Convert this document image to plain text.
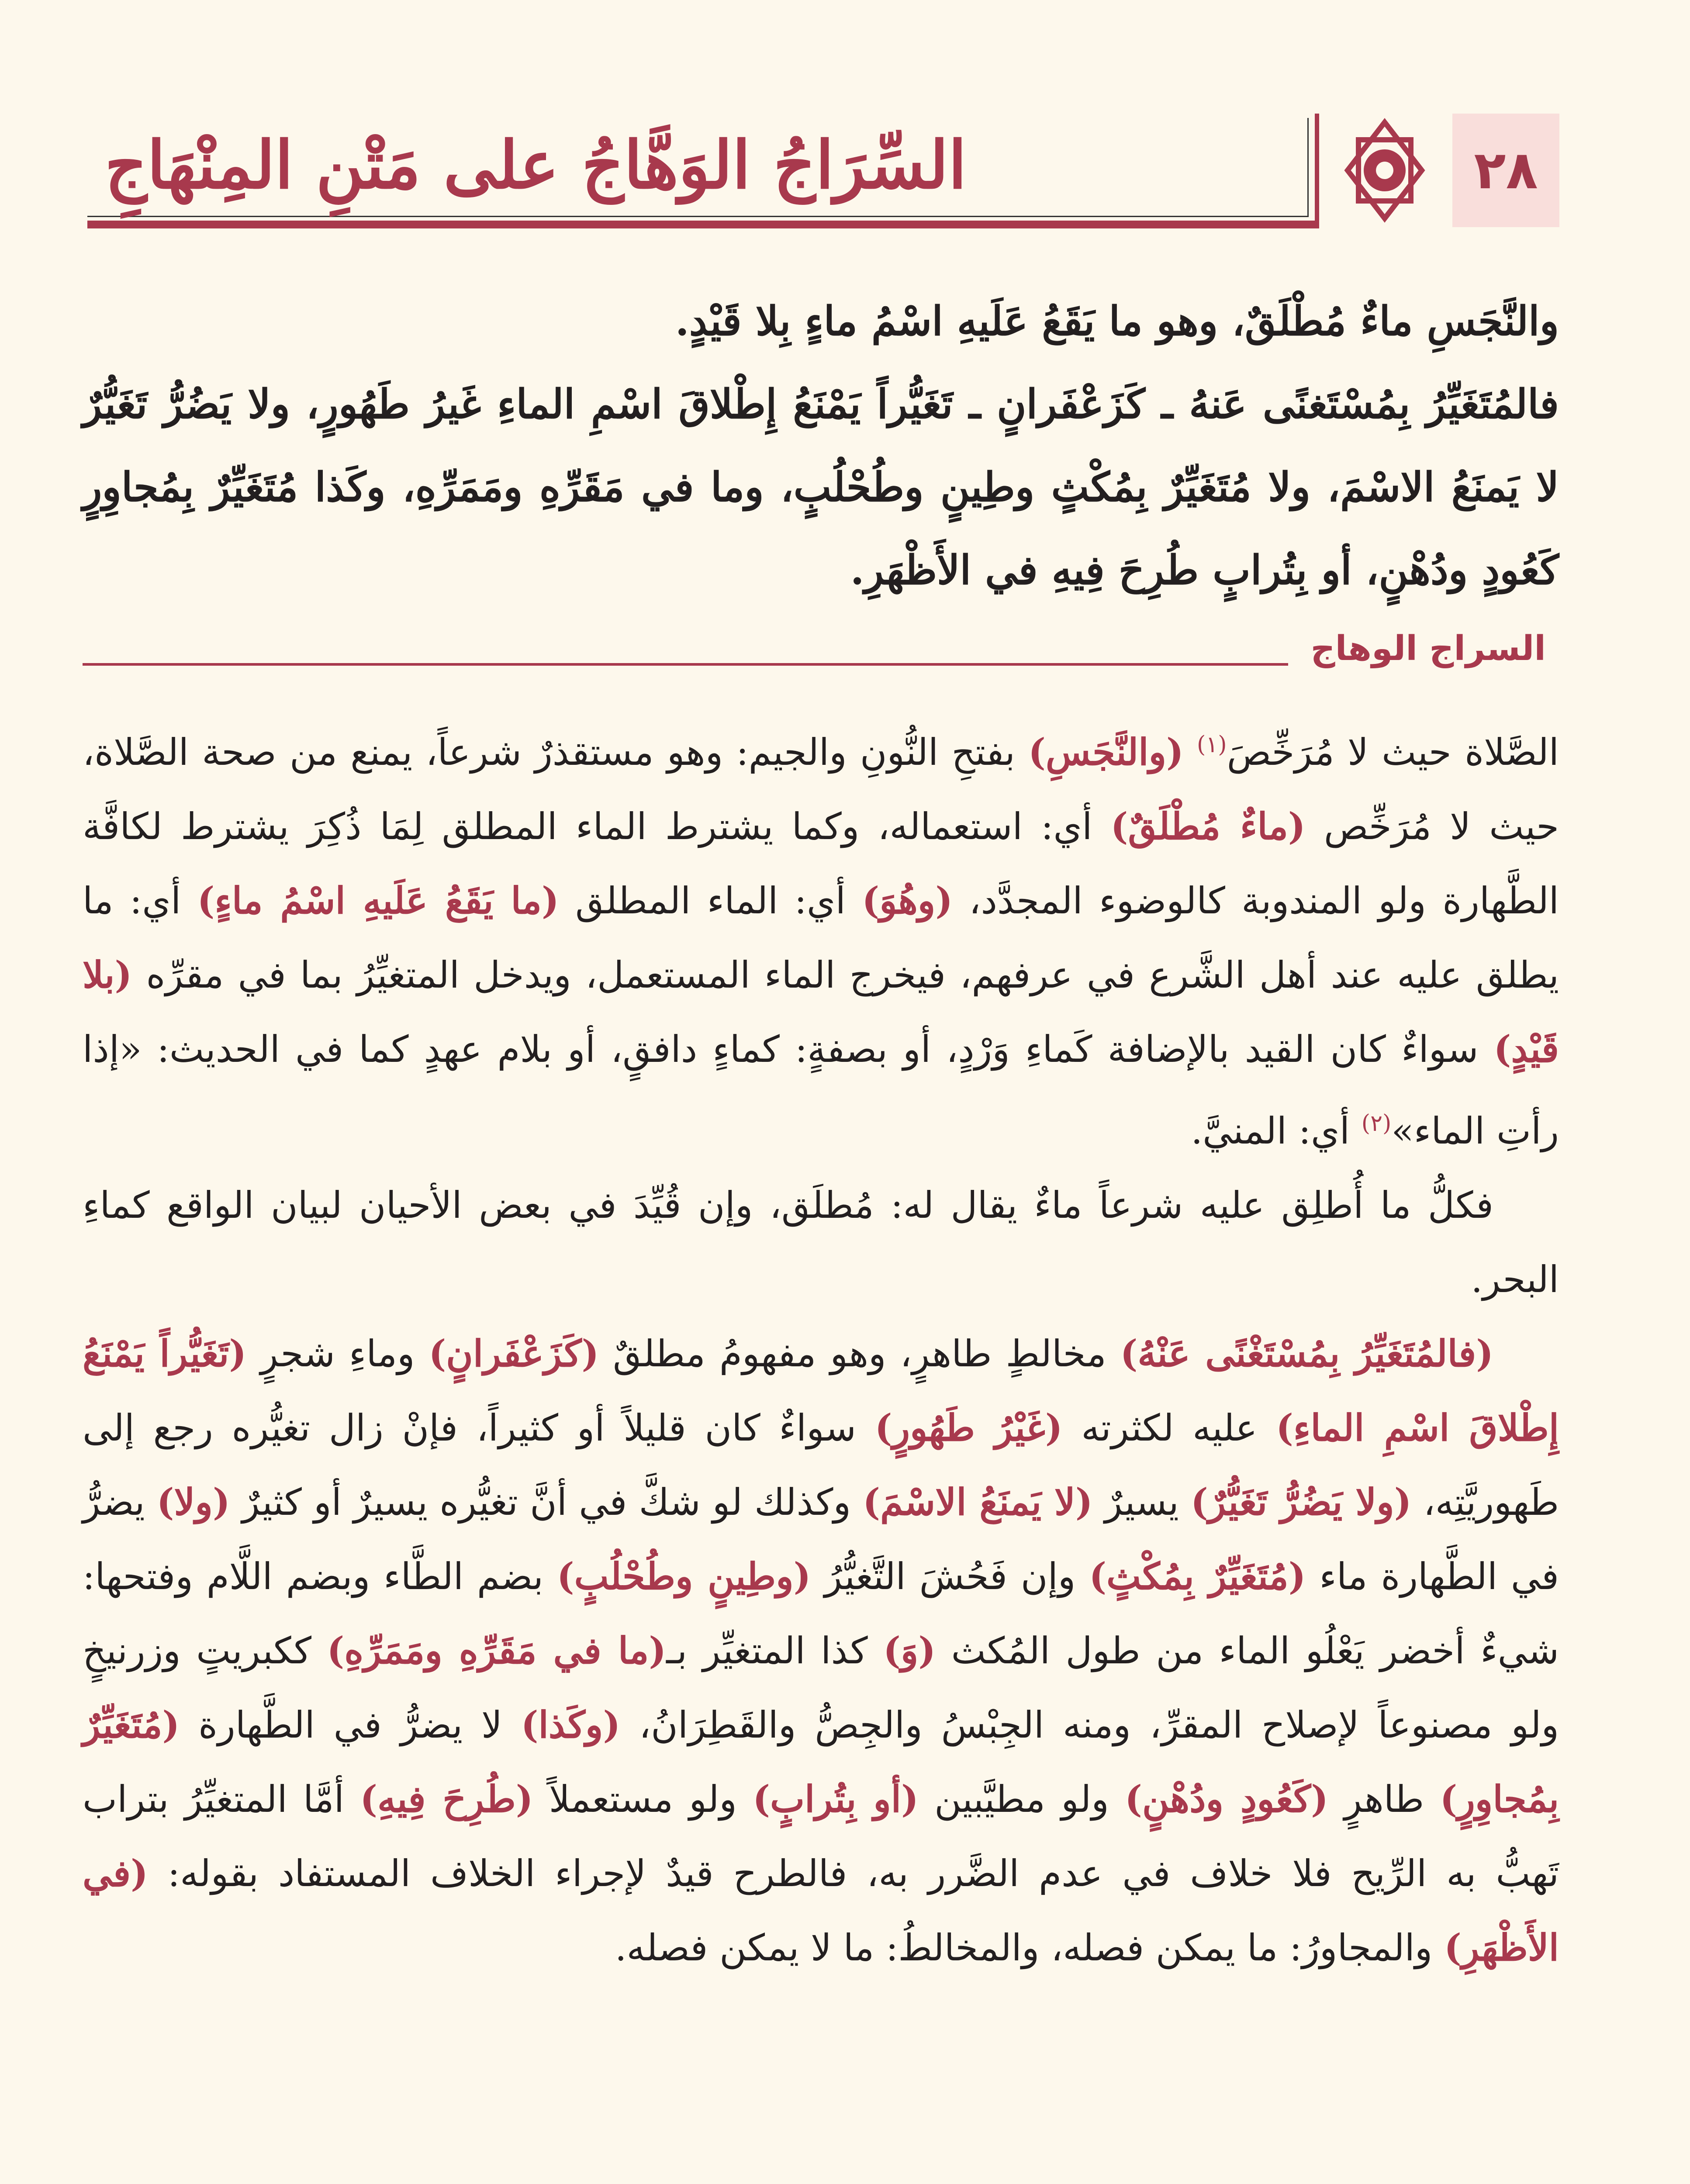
٢٨
السِّرَاجُ الوَهَّاجُ على مَتْنِ المِنْهَاجِ

والنَّجَسِ ماءٌ مُطْلَقٌ، وهو ما يَقَعُ عَلَيهِ اسْمُ ماءٍ بِلا قَيْدٍ.

فالمُتَغَيِّرُ بِمُسْتَغنًى عَنهُ ـ كَزَعْفَرانٍ ـ تَغَيُّراً يَمْنَعُ إِطْلاقَ اسْمِ الماءِ غَيرُ طَهُورٍ، ولا يَضُرُّ تَغَيُّرٌ لا يَمنَعُ الاسْمَ، ولا مُتَغَيِّرٌ بِمُكْثٍ وطِينٍ وطُحْلُبٍ، وما في مَقَرِّهِ ومَمَرِّهِ، وكَذا مُتَغَيِّرٌ بِمُجاوِرٍ كَعُودٍ ودُهْنٍ، أو بِتُرابٍ طُرِحَ فِيهِ في الأَظْهَرِ.

السراج الوهاج

الصَّلاة حيث لا مُرَخِّصَ$^{(١)}$ (والنَّجَسِ) بفتحِ النُّونِ والجيم: وهو مستقذرٌ شرعاً، يمنع من صحة الصَّلاة، حيث لا مُرَخِّص (ماءٌ مُطْلَقٌ) أي: استعماله، وكما يشترط الماء المطلق لِمَا ذُكِرَ يشترط لكافَّة الطَّهارة ولو المندوبة كالوضوء المجدَّد، (وهُوَ) أي: الماء المطلق (ما يَقَعُ عَلَيهِ اسْمُ ماءٍ) أي: ما يطلق عليه عند أهل الشَّرع في عرفهم، فيخرج الماء المستعمل، ويدخل المتغيِّرُ بما في مقرِّه (بلا قَيْدٍ) سواءٌ كان القيد بالإضافة كَماءِ وَرْدٍ، أو بصفةٍ: كماءٍ دافقٍ، أو بلام عهدٍ كما في الحديث: «إذا رأتِ الماء»$^{(٢)}$ أي: المنيَّ.

فكلُّ ما أُطلِق عليه شرعاً ماءٌ يقال له: مُطلَق، وإن قُيِّدَ في بعض الأحيان لبيان الواقع كماءِ البحر.

(فالمُتَغَيِّرُ بِمُسْتَغْنًى عَنْهُ) مخالطٍ طاهرٍ، وهو مفهومُ مطلقٌ (كَزَعْفَرانٍ) وماءِ شجرٍ (تَغَيُّراً يَمْنَعُ إِطْلاقَ اسْمِ الماءِ) عليه لكثرته (غَيْرُ طَهُورٍ) سواءٌ كان قليلاً أو كثيراً، فإنْ زال تغيُّره رجع إلى طَهوريَّتِه، (ولا يَضُرُّ تَغَيُّرٌ) يسيرٌ (لا يَمنَعُ الاسْمَ) وكذلك لو شكَّ في أنَّ تغيُّره يسيرٌ أو كثيرٌ (ولا) يضرُّ في الطَّهارة ماء (مُتَغَيِّرٌ بِمُكْثٍ) وإن فَحُشَ التَّغيُّرُ (وطِينٍ وطُحْلُبٍ) بضم الطَّاء وبضم اللَّام وفتحها: شيءٌ أخضر يَعْلُو الماء من طول المُكث (وَ) كذا المتغيِّر بـ(ما في مَقَرِّهِ ومَمَرِّهِ) ككبريتٍ وزرنيخٍ ولو مصنوعاً لإصلاح المقرِّ، ومنه الجِبْسُ والجِصُّ والقَطِرَانُ، (وكَذا) لا يضرُّ في الطَّهارة (مُتَغَيِّرٌ بِمُجاوِرٍ) طاهرٍ (كَعُودٍ ودُهْنٍ) ولو مطيَّبين (أو بِتُرابٍ) ولو مستعملاً (طُرِحَ فِيهِ) أمَّا المتغيِّرُ بتراب تَهبُّ به الرِّيح فلا خلاف في عدم الضَّرر به، فالطرح قيدٌ لإجراء الخلاف المستفاد بقوله: (في الأَظْهَرِ) والمجاورُ: ما يمكن فصله، والمخالطُ: ما لا يمكن فصله.
